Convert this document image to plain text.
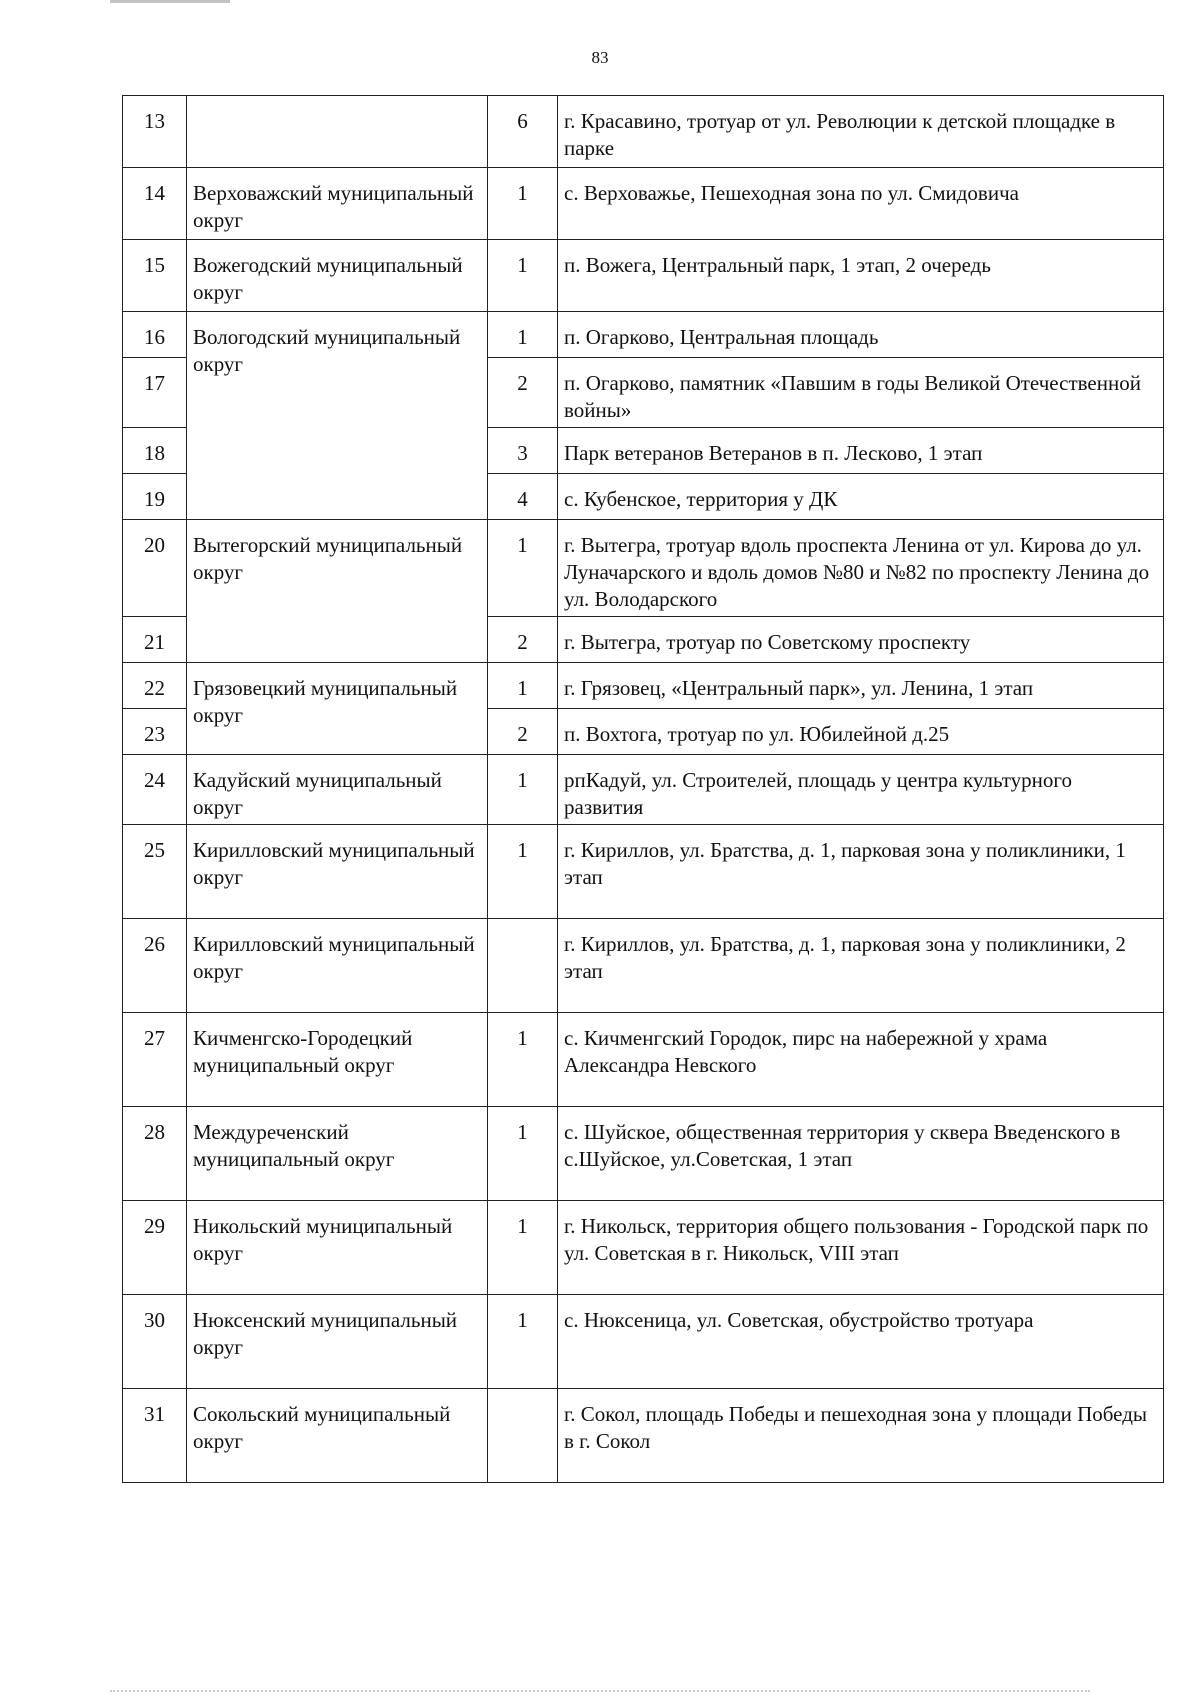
83
13		6	г. Красавино, тротуар от ул. Революции к детской площадке в парке
14	Верховажский муниципальный округ	1	с. Верховажье, Пешеходная зона по ул. Смидовича
15	Вожегодский муниципальный округ	1	п. Вожега, Центральный парк, 1 этап, 2 очередь
16	Вологодский муниципальный округ	1	п. Огарково, Центральная площадь
17		2	п. Огарково, памятник «Павшим в годы Великой Отечественной войны»
18		3	Парк ветеранов Ветеранов в п. Лесково, 1 этап
19		4	с. Кубенское, территория у ДК
20	Вытегорский муниципальный округ	1	г. Вытегра, тротуар вдоль проспекта Ленина от ул. Кирова до ул. Луначарского и вдоль домов №80 и №82 по проспекту Ленина до ул. Володарского
21		2	г. Вытегра, тротуар по Советскому проспекту
22	Грязовецкий муниципальный округ	1	г. Грязовец, «Центральный парк», ул. Ленина, 1 этап
23		2	п. Вохтога, тротуар по ул. Юбилейной д.25
24	Кадуйский муниципальный округ	1	рпКадуй, ул. Строителей, площадь у центра культурного развития
25	Кирилловский муниципальный округ	1	г. Кириллов, ул. Братства, д. 1, парковая зона у поликлиники, 1 этап
26	Кирилловский муниципальный округ		г. Кириллов, ул. Братства, д. 1, парковая зона у поликлиники, 2 этап
27	Кичменгско-Городецкий муниципальный округ	1	с. Кичменгский Городок, пирс на набережной у храма Александра Невского
28	Междуреченский муниципальный округ	1	с. Шуйское, общественная территория у сквера Введенского в с.Шуйское, ул.Советская, 1 этап
29	Никольский муниципальный округ	1	г. Никольск, территория общего пользования - Городской парк по ул. Советская в г. Никольск, VIII этап
30	Нюксенский муниципальный округ	1	с. Нюксеница, ул. Советская, обустройство тротуара
31	Сокольский муниципальный округ		г. Сокол, площадь Победы и пешеходная зона у площади Победы в г. Сокол
